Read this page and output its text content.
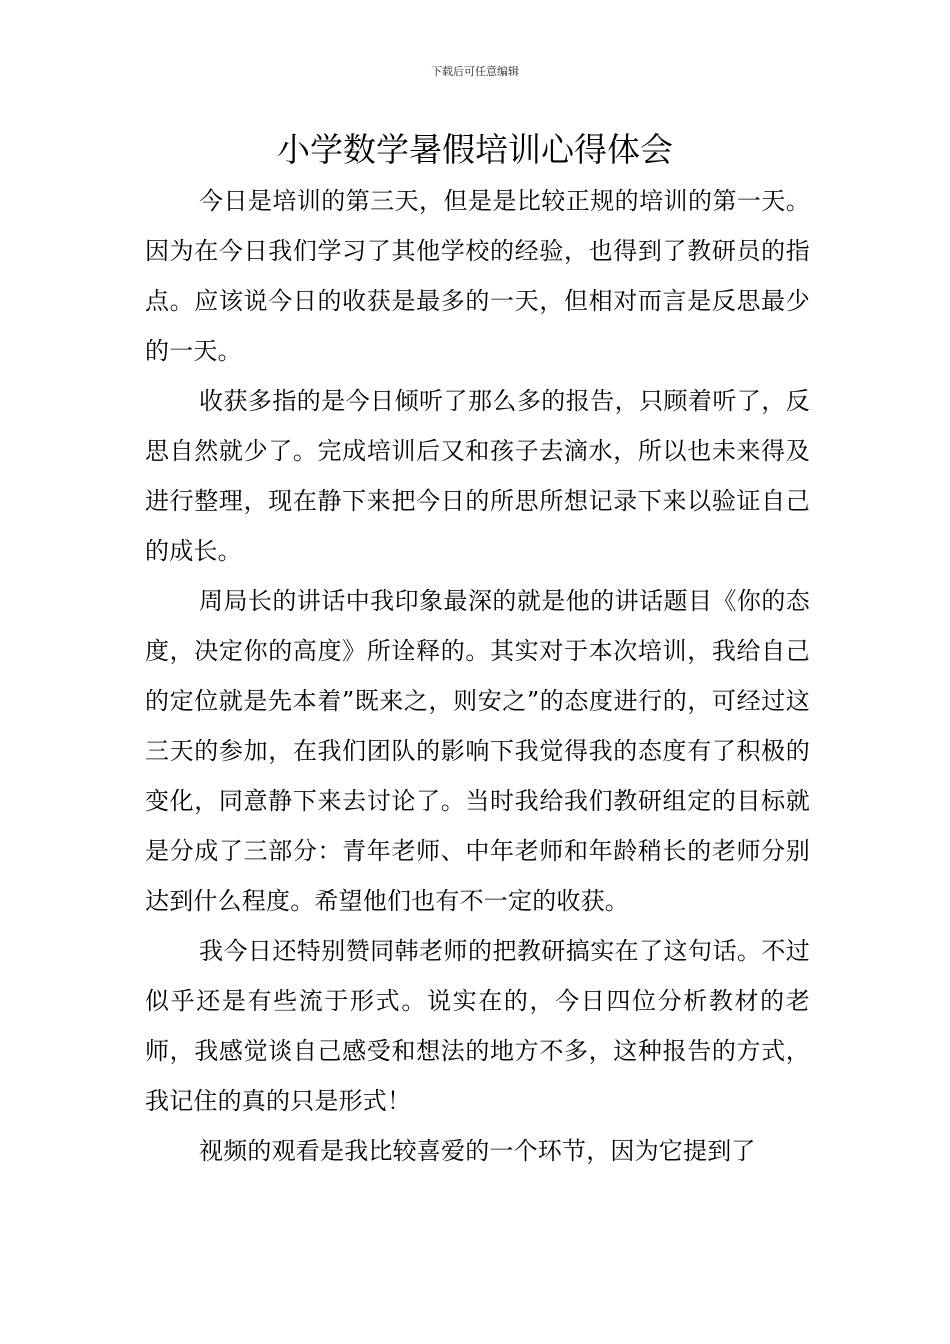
下载后可任意编辑
小学数学暑假培训心得体会

今日是培训的第三天，但是是比较正规的培训的第一天。因为在今日我们学习了其他学校的经验，也得到了教研员的指点。应该说今日的收获是最多的一天，但相对而言是反思最少的一天。

收获多指的是今日倾听了那么多的报告，只顾着听了，反思自然就少了。完成培训后又和孩子去滴水，所以也未来得及进行整理，现在静下来把今日的所思所想记录下来以验证自己的成长。

周局长的讲话中我印象最深的就是他的讲话题目《你的态度，决定你的高度》所诠释的。其实对于本次培训，我给自己的定位就是先本着”既来之，则安之”的态度进行的，可经过这三天的参加，在我们团队的影响下我觉得我的态度有了积极的变化，同意静下来去讨论了。当时我给我们教研组定的目标就是分成了三部分：青年老师、中年老师和年龄稍长的老师分别达到什么程度。希望他们也有不一定的收获。

我今日还特别赞同韩老师的把教研搞实在了这句话。不过似乎还是有些流于形式。说实在的，今日四位分析教材的老师，我感觉谈自己感受和想法的地方不多，这种报告的方式，我记住的真的只是形式！

视频的观看是我比较喜爱的一个环节，因为它提到了
